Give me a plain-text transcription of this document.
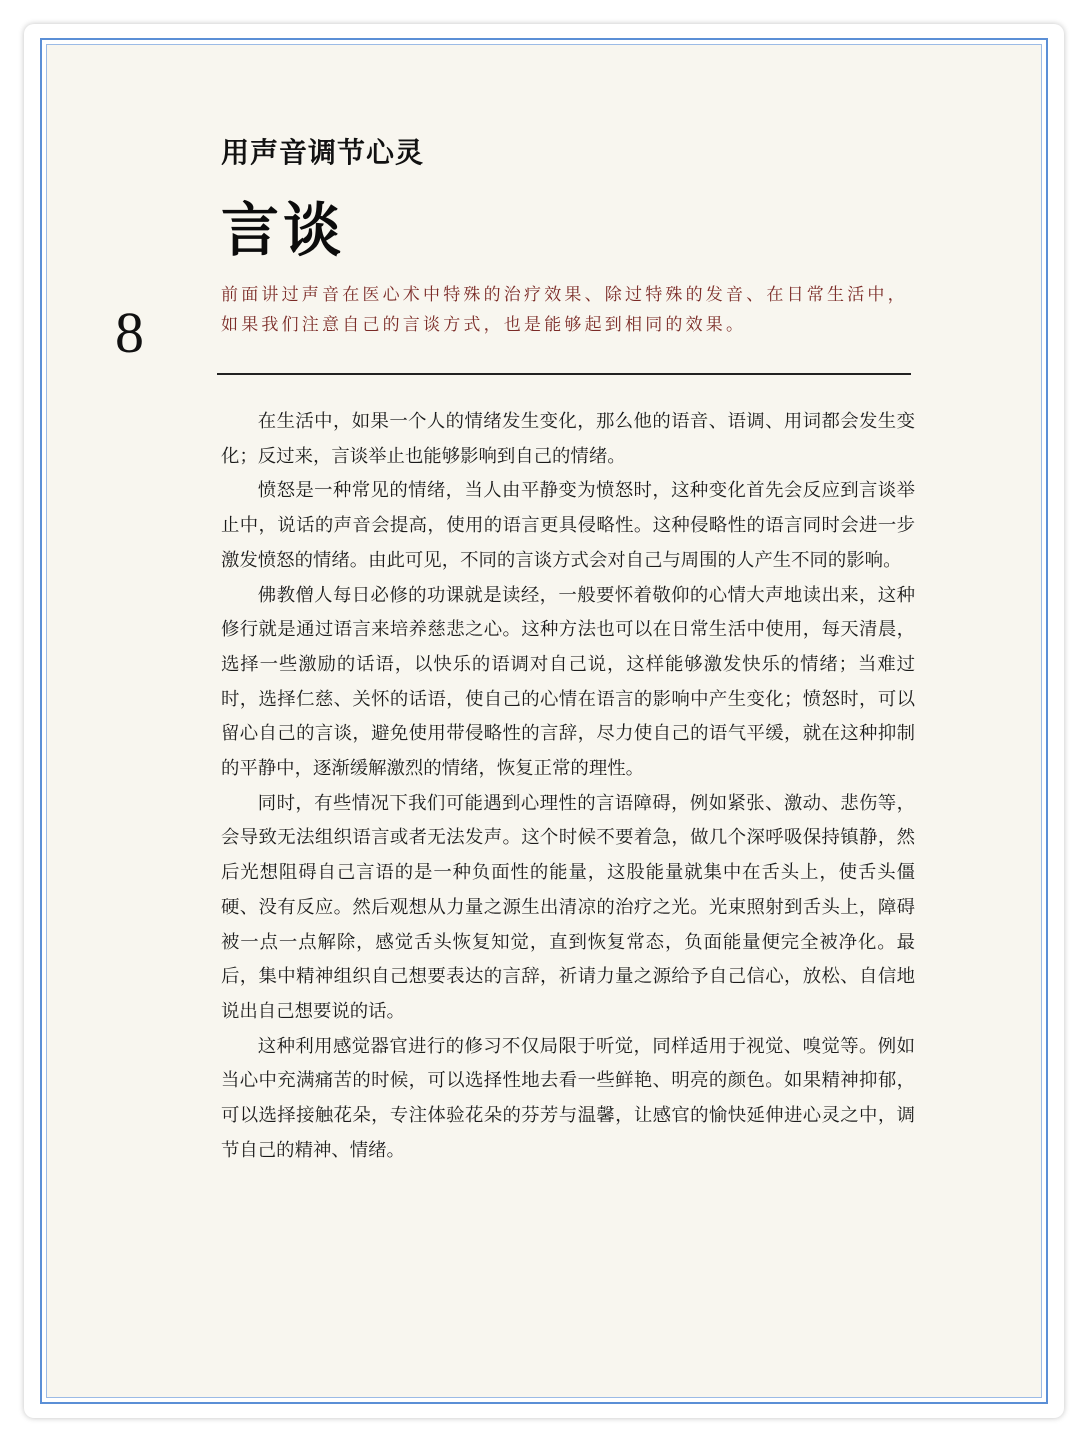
用声音调节心灵
言谈
8
前面讲过声音在医心术中特殊的治疗效果、除过特殊的发音、在日常生活中，如果我们注意自己的言谈方式，也是能够起到相同的效果。

在生活中，如果一个人的情绪发生变化，那么他的语音、语调、用词都会发生变化；反过来，言谈举止也能够影响到自己的情绪。

愤怒是一种常见的情绪，当人由平静变为愤怒时，这种变化首先会反应到言谈举止中，说话的声音会提高，使用的语言更具侵略性。这种侵略性的语言同时会进一步激发愤怒的情绪。由此可见，不同的言谈方式会对自己与周围的人产生不同的影响。

佛教僧人每日必修的功课就是读经，一般要怀着敬仰的心情大声地读出来，这种修行就是通过语言来培养慈悲之心。这种方法也可以在日常生活中使用，每天清晨，选择一些激励的话语，以快乐的语调对自己说，这样能够激发快乐的情绪；当难过时，选择仁慈、关怀的话语，使自己的心情在语言的影响中产生变化；愤怒时，可以留心自己的言谈，避免使用带侵略性的言辞，尽力使自己的语气平缓，就在这种抑制的平静中，逐渐缓解激烈的情绪，恢复正常的理性。

同时，有些情况下我们可能遇到心理性的言语障碍，例如紧张、激动、悲伤等，会导致无法组织语言或者无法发声。这个时候不要着急，做几个深呼吸保持镇静，然后光想阻碍自己言语的是一种负面性的能量，这股能量就集中在舌头上，使舌头僵硬、没有反应。然后观想从力量之源生出清凉的治疗之光。光束照射到舌头上，障碍被一点一点解除，感觉舌头恢复知觉，直到恢复常态，负面能量便完全被净化。最后，集中精神组织自己想要表达的言辞，祈请力量之源给予自己信心，放松、自信地说出自己想要说的话。

这种利用感觉器官进行的修习不仅局限于听觉，同样适用于视觉、嗅觉等。例如当心中充满痛苦的时候，可以选择性地去看一些鲜艳、明亮的颜色。如果精神抑郁，可以选择接触花朵，专注体验花朵的芬芳与温馨，让感官的愉快延伸进心灵之中，调节自己的精神、情绪。
